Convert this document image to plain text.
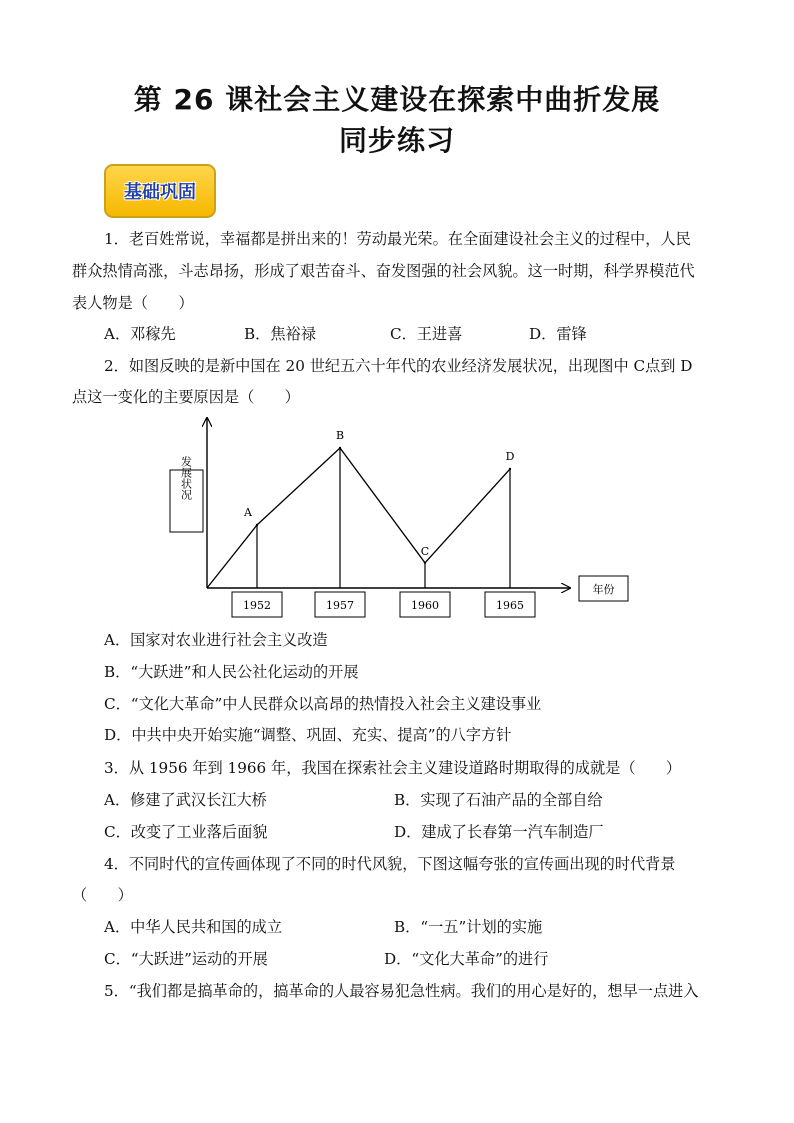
第 26 课社会主义建设在探索中曲折发展
同步练习
基础巩固
1．老百姓常说，幸福都是拼出来的！劳动最光荣。在全面建设社会主义的过程中，人民
群众热情高涨，斗志昂扬，形成了艰苦奋斗、奋发图强的社会风貌。这一时期，科学界模范代
表人物是（　　）
A．邓稼先	B．焦裕禄	C．王进喜	D．雷锋
2．如图反映的是新中国在 20 世纪五六十年代的农业经济发展状况，出现图中 C点到 D
点这一变化的主要原因是（　　）
发展状况
年份
A
1952
B
1957
C
1960
D
1965
A．国家对农业进行社会主义改造
B．“大跃进”和人民公社化运动的开展
C．“文化大革命”中人民群众以高昂的热情投入社会主义建设事业
D．中共中央开始实施“调整、巩固、充实、提高”的八字方针
3．从 1956 年到 1966 年，我国在探索社会主义建设道路时期取得的成就是（　　）
A．修建了武汉长江大桥	B．实现了石油产品的全部自给
C．改变了工业落后面貌	D．建成了长春第一汽车制造厂
4．不同时代的宣传画体现了不同的时代风貌，下图这幅夸张的宣传画出现的时代背景
（　　）
A．中华人民共和国的成立	B．“一五”计划的实施
C．“大跃进”运动的开展	D．“文化大革命”的进行
5．“我们都是搞革命的，搞革命的人最容易犯急性病。我们的用心是好的，想早一点进入
